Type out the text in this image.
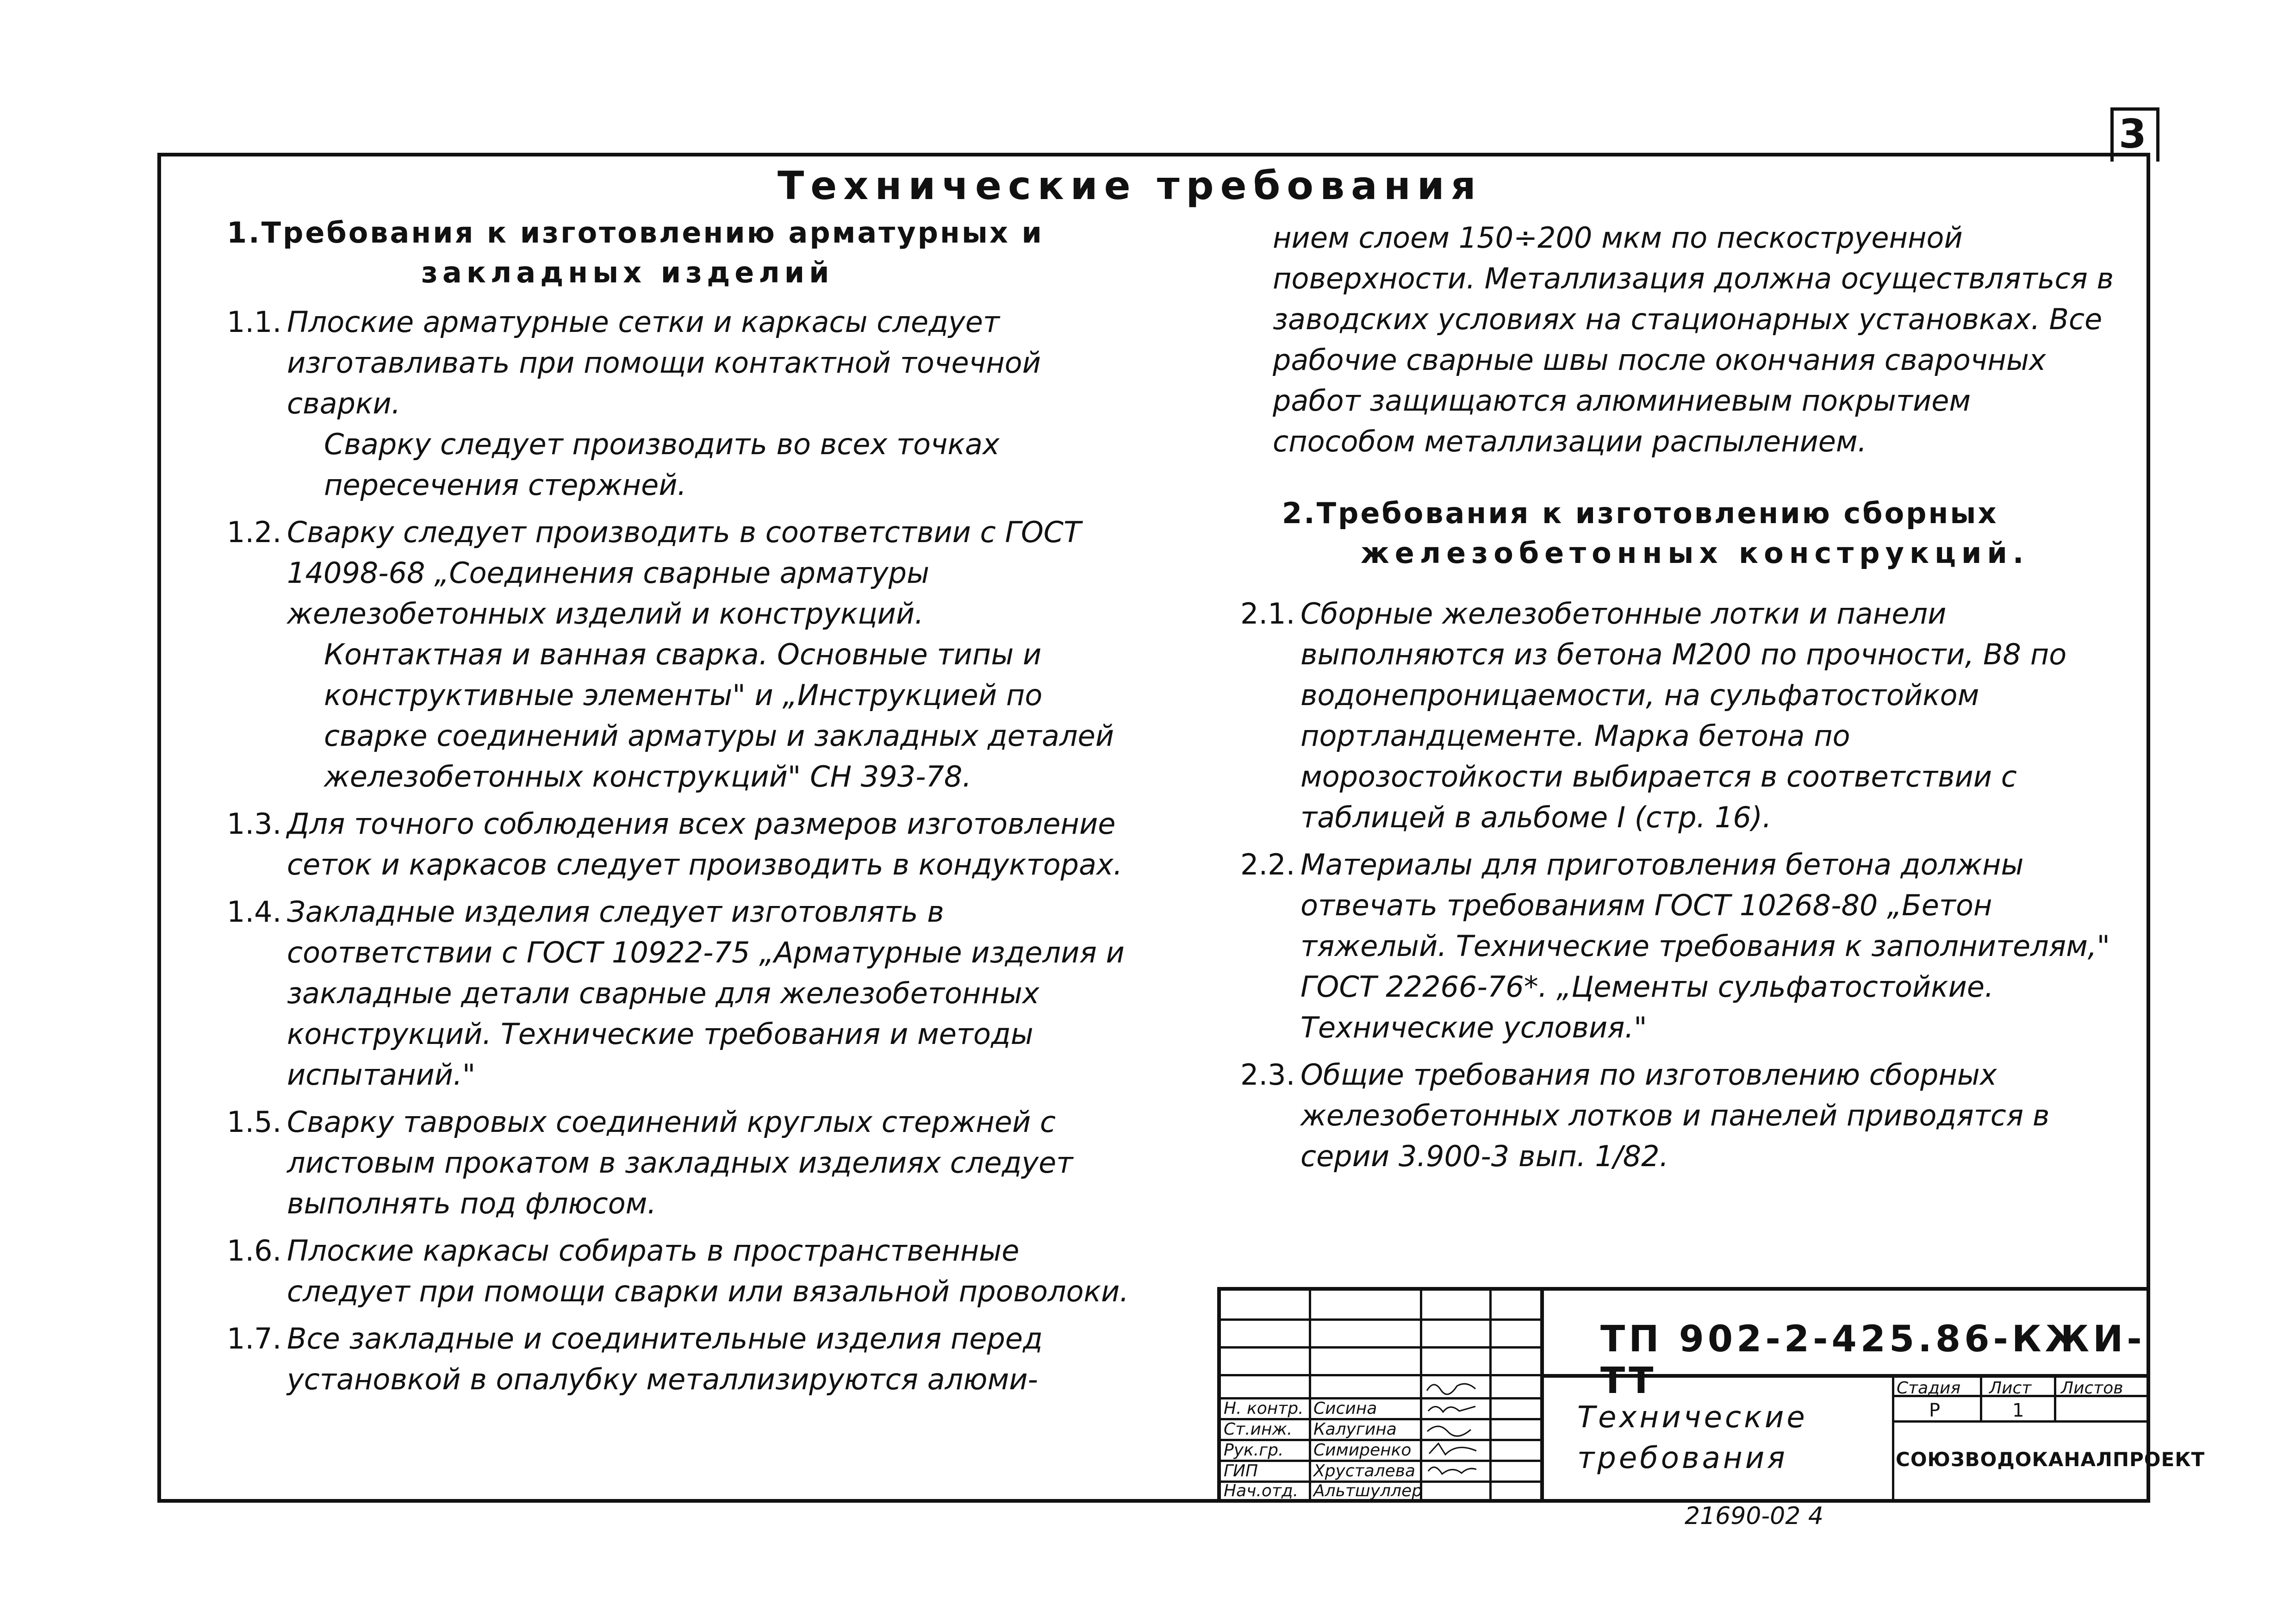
3
Технические требования

1.Требования к изготовлению арматурных и

закладных изделий

1.1. Плоские арматурные сетки и каркасы следует изготавливать при помощи контактной точечной сварки.

Сварку следует производить во всех точках пересечения стержней.

1.2. Сварку следует производить в соответствии с ГОСТ 14098-68 „Соединения сварные арматуры железобетонных изделий и конструкций.

Контактная и ванная сварка. Основные типы и конструктивные элементы" и „Инструкцией по сварке соединений арматуры и закладных деталей железобетонных конструкций" СН 393-78.

1.3. Для точного соблюдения всех размеров изготовление сеток и каркасов следует производить в кондукторах.

1.4. Закладные изделия следует изготовлять в соответствии с ГОСТ 10922-75 „Арматурные изделия и закладные детали сварные для железобетонных конструкций. Технические требования и методы испытаний."

1.5. Сварку тавровых соединений круглых стержней с листовым прокатом в закладных изделиях следует выполнять под флюсом.

1.6. Плоские каркасы собирать в пространственные следует при помощи сварки или вязальной проволоки.

1.7. Все закладные и соединительные изделия перед установкой в опалубку металлизируются алюми-

нием слоем 150÷200 мкм по пескоструенной поверхности. Металлизация должна осуществляться в заводских условиях на стационарных установках. Все рабочие сварные швы после окончания сварочных работ защищаются алюминиевым покрытием способом металлизации распылением.

2.Требования к изготовлению сборных

железобетонных конструкций.

2.1. Сборные железобетонные лотки и панели выполняются из бетона М200 по прочности, В8 по водонепроницаемости, на сульфатостойком портландцементе. Марка бетона по морозостойкости выбирается в соответствии с таблицей в альбоме I (стр. 16).

2.2. Материалы для приготовления бетона должны отвечать требованиям ГОСТ 10268-80 „Бетон тяжелый. Технические требования к заполнителям," ГОСТ 22266-76*. „Цементы сульфатостойкие. Технические условия."

2.3. Общие требования по изготовлению сборных железобетонных лотков и панелей приводятся в серии 3.900-3 вып. 1/82.

ТП 902-2-425.86-КЖИ-ТТ
Технические
требования
Н. контр. Сисина
Ст.инж. Калугина
Рук.гр. Симиренко
ГИП	Хрусталева
Нач.отд. Альтшуллер
Стадия Лист Листов
Р	1
СОЮЗВОДОКАНАЛПРОЕКТ
21690-02 4
